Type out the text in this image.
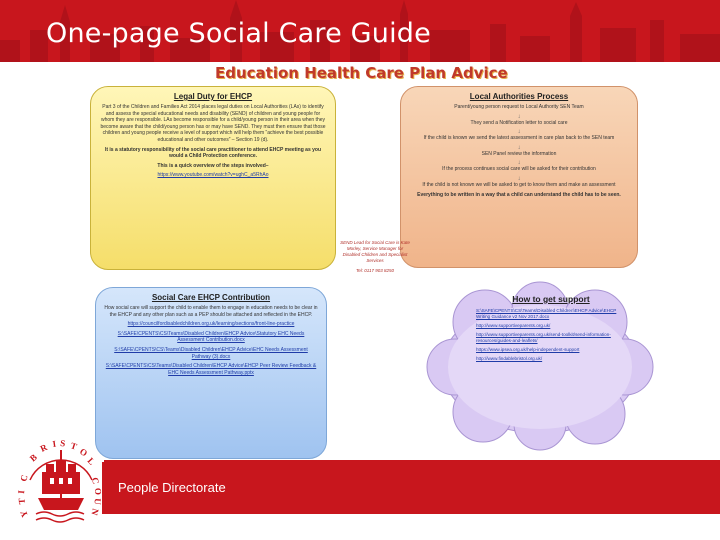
One-page Social Care Guide
Education Health Care Plan Advice
Legal Duty for EHCP

Part 3 of the Children and Families Act 2014 places legal duties on Local Authorities (LAs) to identify and assess the special educational needs and disability (SEND) of children and young people for whom they are responsible. LAs become responsible for a child/young person in their area when they become aware that the child/young person has or may have SEND. They must then ensure that those children and young people receive a level of support which will help them “achieve the best possible educational and other outcomes” – Section 19 (d).

It is a statutory responsibility of the social care practitioner to attend EHCP meeting as you would a Child Protection conference.

This is a quick overview of the steps involved–

https://www.youtube.com/watch?v=ughC_a5RhAo
Local Authorities Process

Parent/young person request to Local Authority SEN Team

↓

They send a Notification letter to social care

↓

If the child is known we send the latest assessment in care plan back to the SEN team

↓

SEN Panel review the information

↓

If the process continues social care will be asked for their contribution

↓

If the child is not known we will be asked to get to know them and make an assessment

Everything to be written in a way that a child can understand the child has to be seen.

SEND Lead for Social Care is Kate Morley, Service Manager for Disabled Children and Specialist Services
Tel: 0117 903 8250
Social Care EHCP Contribution

How social care will support the child to enable them to engage in education needs to be clear in the EHCP and any other plan such as a PEP should be attached and reflected in the EHCP.

https://councilfordisabledchildren.org.uk/learning/sections/front-line-practice
S:\SAFE\CPENTS\CS\Teams\Disabled Children\EHCP Advice\Statutory EHC Needs Assessment Contribution.docx
S:\SAFE\CPENTS\CS\Teams\Disabled Children\EHCP Advice\EHC Needs Assessment Pathway (3).docx
S:\SAFE\CPENTS\CS\Teams\Disabled Children\EHCP Advice\EHCP Peer Review Feedback & EHC Needs Assessment Pathway.pptx
How to get support
S:\SAFE\CPENTS\CS\Teams\Disabled Children\EHCP Advice\EHCP Writing Guidance v2 Nov 2017.docx
http://www.supportiveparents.org.uk/
http://www.supportiveparents.org.uk/send-toolkit/send-information-resources/guides-and-leaflets/
https://www.ipsea.org.uk/help-independent-support
http://www.findablebristol.org.uk/
People Directorate
B
R I S T
O
L
C
I
T
Y
C
O
U
N
